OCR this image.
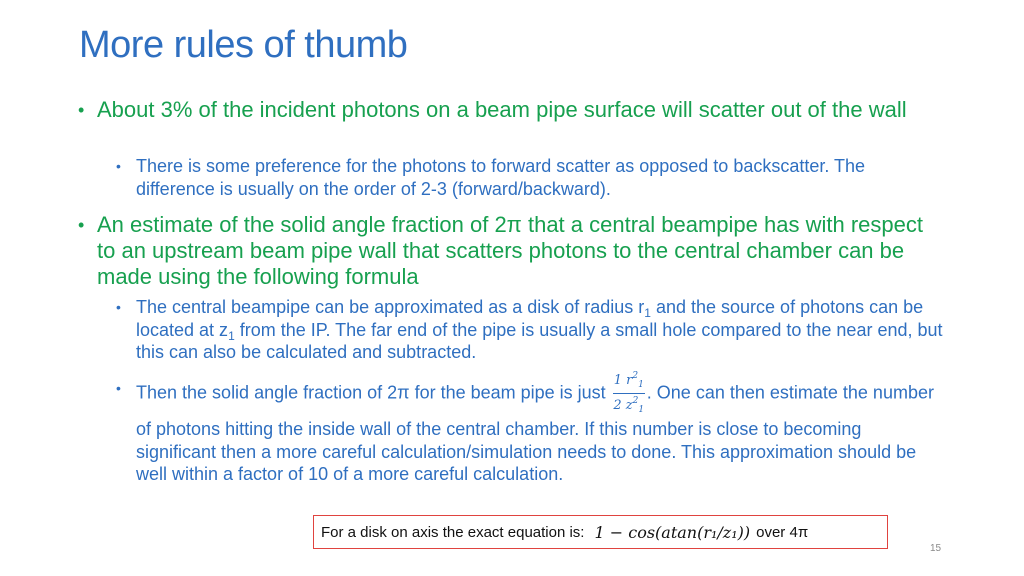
More rules of thumb
• About 3% of the incident photons on a beam pipe surface will scatter out of the wall
• There is some preference for the photons to forward scatter as opposed to backscatter. The difference is usually on the order of 2-3 (forward/backward).
• An estimate of the solid angle fraction of 2π that a central beampipe has with respect to an upstream beam pipe wall that scatters photons to the central chamber can be made using the following formula
• The central beampipe can be approximated as a disk of radius $r_1$ and the source of photons can be located at $z_1$ from the IP. The far end of the pipe is usually a small hole compared to the near end, but this can also be calculated and subtracted.
• Then the solid angle fraction of 2π for the beam pipe is just $\frac{1 r^2_1}{2 z^2_1}$ . One can then estimate the number of photons hitting the inside wall of the central chamber. If this number is close to becoming significant then a more careful calculation/simulation needs to done. This approximation should be well within a factor of 10 of a more careful calculation.
For a disk on axis the exact equation is: 1 − cos(atan(r₁/z₁)) over 4π
15
